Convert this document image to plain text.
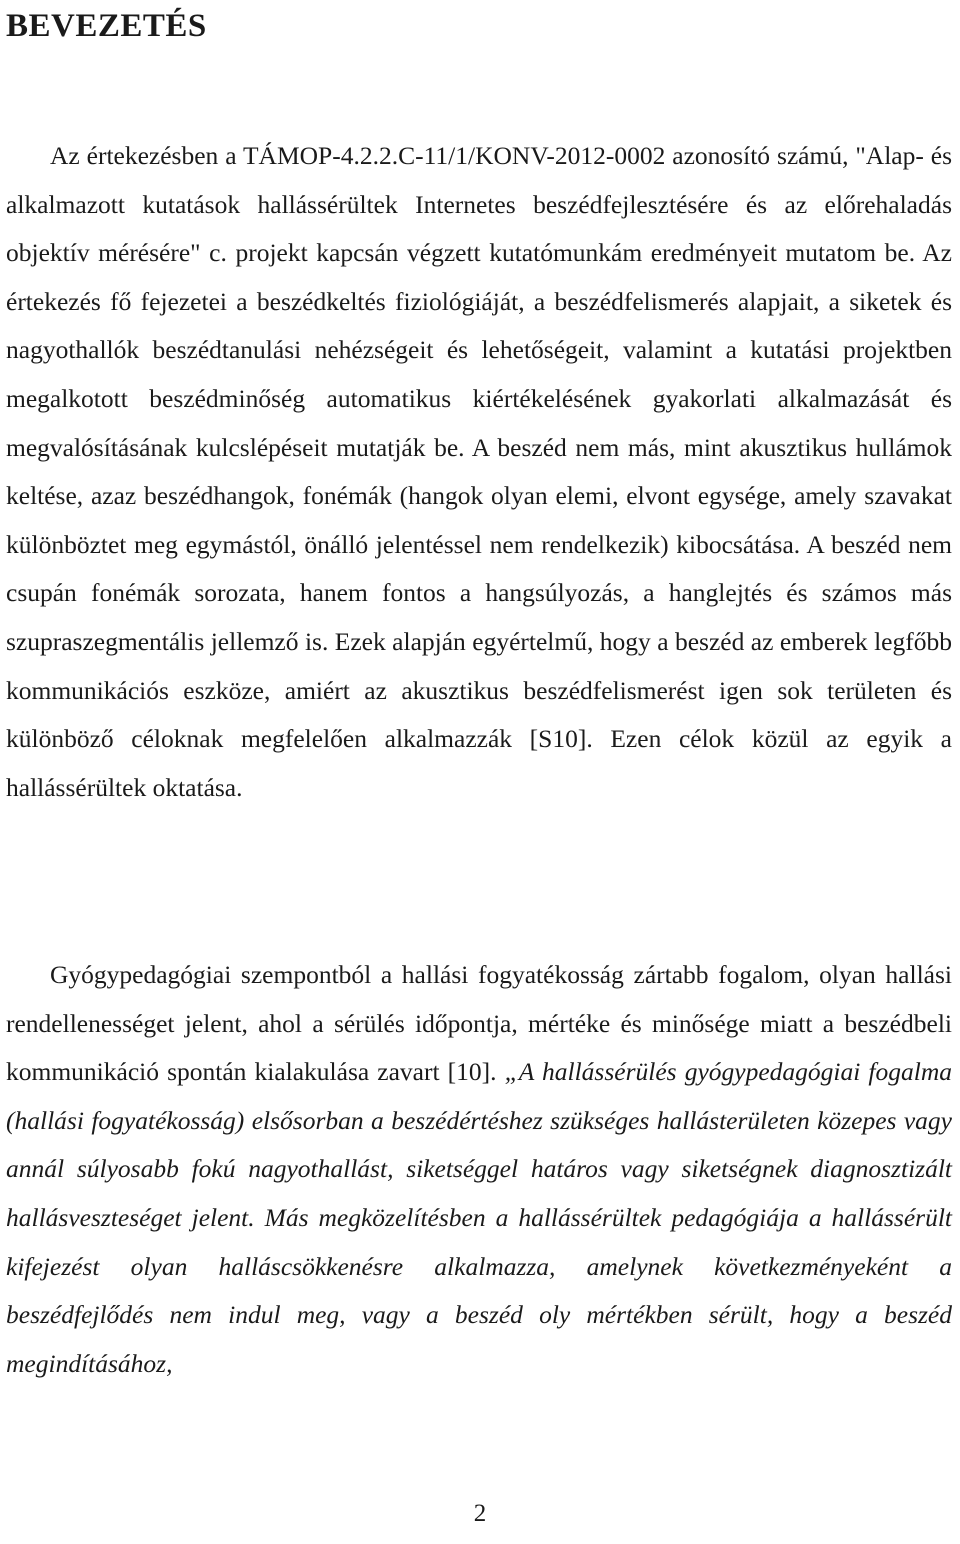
BEVEZETÉS

Az értekezésben a TÁMOP-4.2.2.C-11/1/KONV-2012-0002 azonosító számú, "Alap- és alkalmazott kutatások hallássérültek Internetes beszédfejlesztésére és az előrehaladás objektív mérésére" c. projekt kapcsán végzett kutatómunkám eredményeit mutatom be. Az értekezés fő fejezetei a beszédkeltés fiziológiáját, a beszédfelismerés alapjait, a siketek és nagyothallók beszédtanulási nehézségeit és lehetőségeit, valamint a kutatási projektben megalkotott beszédminőség automatikus kiértékelésének gyakorlati alkalmazását és megvalósításának kulcslépéseit mutatják be. A beszéd nem más, mint akusztikus hullámok keltése, azaz beszédhangok, fonémák (hangok olyan elemi, elvont egysége, amely szavakat különböztet meg egymástól, önálló jelentéssel nem rendelkezik) kibocsátása. A beszéd nem csupán fonémák sorozata, hanem fontos a hangsúlyozás, a hanglejtés és számos más szupraszegmentális jellemző is. Ezek alapján egyértelmű, hogy a beszéd az emberek legfőbb kommunikációs eszköze, amiért az akusztikus beszédfelismerést igen sok területen és különböző céloknak megfelelően alkalmazzák [S10]. Ezen célok közül az egyik a hallássérültek oktatása.

Gyógypedagógiai szempontból a hallási fogyatékosság zártabb fogalom, olyan hallási rendellenességet jelent, ahol a sérülés időpontja, mértéke és minősége miatt a beszédbeli kommunikáció spontán kialakulása zavart [10]. „A hallássérülés gyógypedagógiai fogalma (hallási fogyatékosság) elsősorban a beszédértéshez szükséges hallásterületen közepes vagy annál súlyosabb fokú nagyothallást, siketséggel határos vagy siketségnek diagnosztizált hallásveszteséget jelent. Más megközelítésben a hallássérültek pedagógiája a hallássérült kifejezést olyan halláscsökkenésre alkalmazza, amelynek következményeként a beszédfejlődés nem indul meg, vagy a beszéd oly mértékben sérült, hogy a beszéd megindításához,

2
